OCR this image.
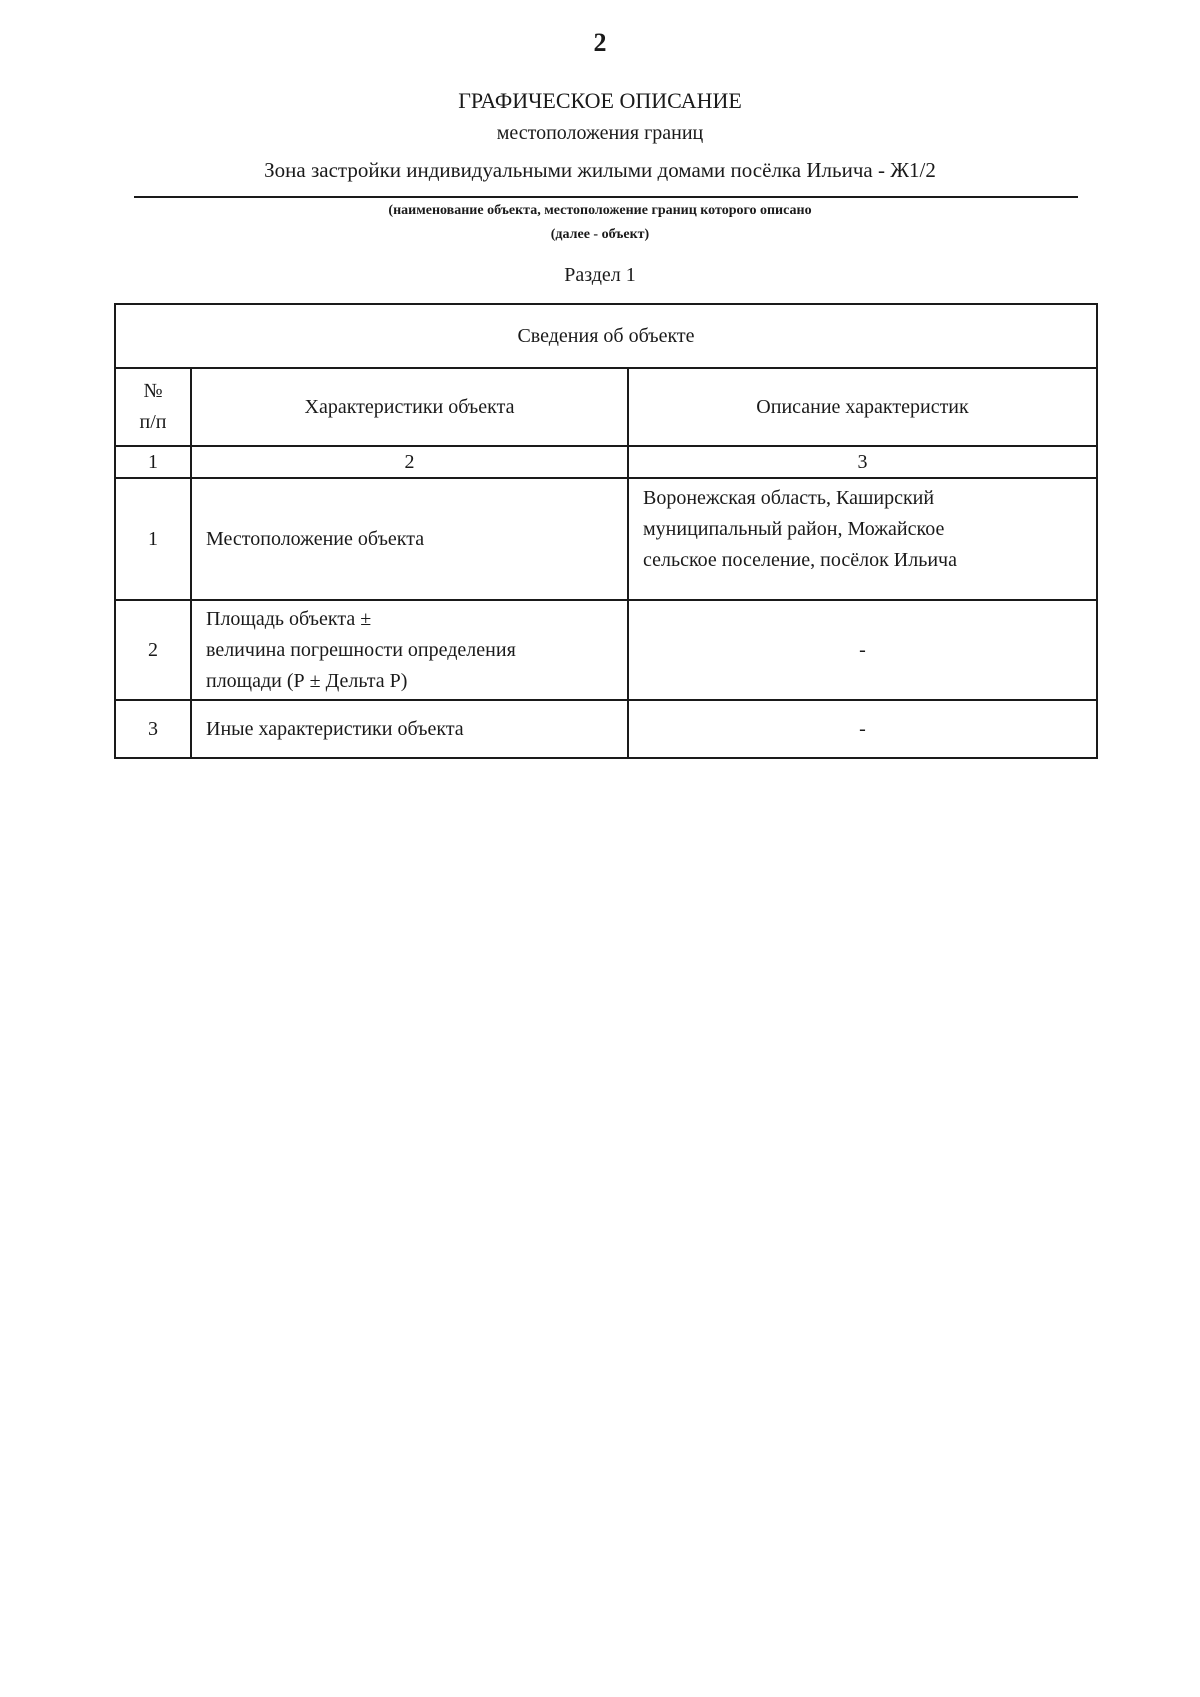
2
ГРАФИЧЕСКОЕ ОПИСАНИЕ
местоположения границ
Зона застройки индивидуальными жилыми домами посёлка Ильича - Ж1/2
(наименование объекта, местоположение границ которого описано
(далее - объект)
Раздел 1
Сведения об объекте		
№
п/п	Характеристики объекта	Описание характеристик
1	2	3
1	Местоположение объекта	Воронежская область, Каширский
муниципальный район, Можайское
сельское поселение, посёлок Ильича
2	Площадь объекта ±
величина погрешности определения
площади (Р ± Дельта Р)	-
3	Иные характеристики объекта	-
